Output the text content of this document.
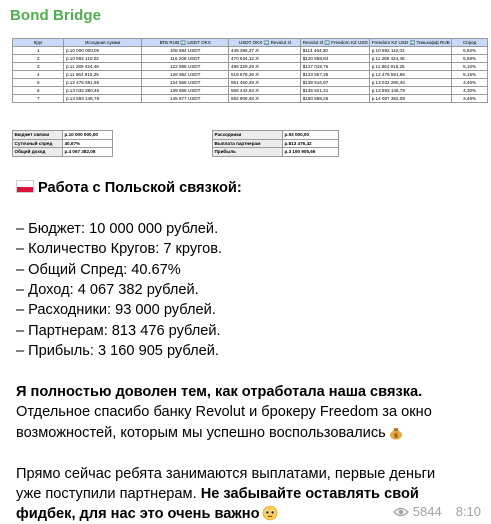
Bond Bridge
Круг	Исходная сумма	ВТБ RUB ➡️ USDT OKX	USDT OKX ➡️ Revolut zł	Revolut zł ➡️ Freedom KZ USD	Freedom KZ USD ➡️ Тинькофф RUB	Спред
1	р.10 000 000,00	108 684 USDT	445 386,37 zł	$114 464,30	р.10 692 110,02	6,92%
2	р.10 692 110,02	116 206 USDT	470 634,12 zł	$120 858,84	р.11 289 424,48	5,59%
3	р.11 289 424,48	122 695 USDT	496 329,29 zł	$127 019,75	р.11 864 915,25	5,10%
4	р.11 864 915,25	128 952 USDT	519 678,39 zł	$133 557,35	р.12 475 591,66	5,15%
5	р.12 475 591,66	134 566 USDT	551 450,49 zł	$139 516,97	р.13 032 280,46	4,46%
6	р.13 032 280,46	139 666 USDT	568 442,63 zł	$145 521,31	р.13 593 145,79	4,30%
7	р.13 593 145,79	145 677 USDT	592 906,48 zł	$150 598,26	р.14 067 382,08	3,49%
Бюджет связки	р.10 000 000,00
Суточный спред	40,67%
Общий доход	р.4 067 382,08
Расходники	р.93 000,00
Выплата партнерам	р.813 476,42
Прибыль	р.3 160 905,66
Работа с Польской связкой:
– Бюджет: 10 000 000 рублей.
– Количество Кругов: 7 кругов.
– Общий Спред: 40.67%
– Доход: 4 067 382 рублей.
– Расходники: 93 000 рублей.
– Партнерам: 813 476 рублей.
– Прибыль: 3 160 905 рублей.
Я полностью доволен тем, как отработала наша связка.
Отдельное спасибо банку Revolut и брокеру Freedom за окно
возможностей, которым мы успешно воспользовались $
Прямо сейчас ребята занимаются выплатами, первые деньги
уже поступили партнерам. Не забывайте оставлять свой
фидбек, для нас это очень важно	5844 8:10
